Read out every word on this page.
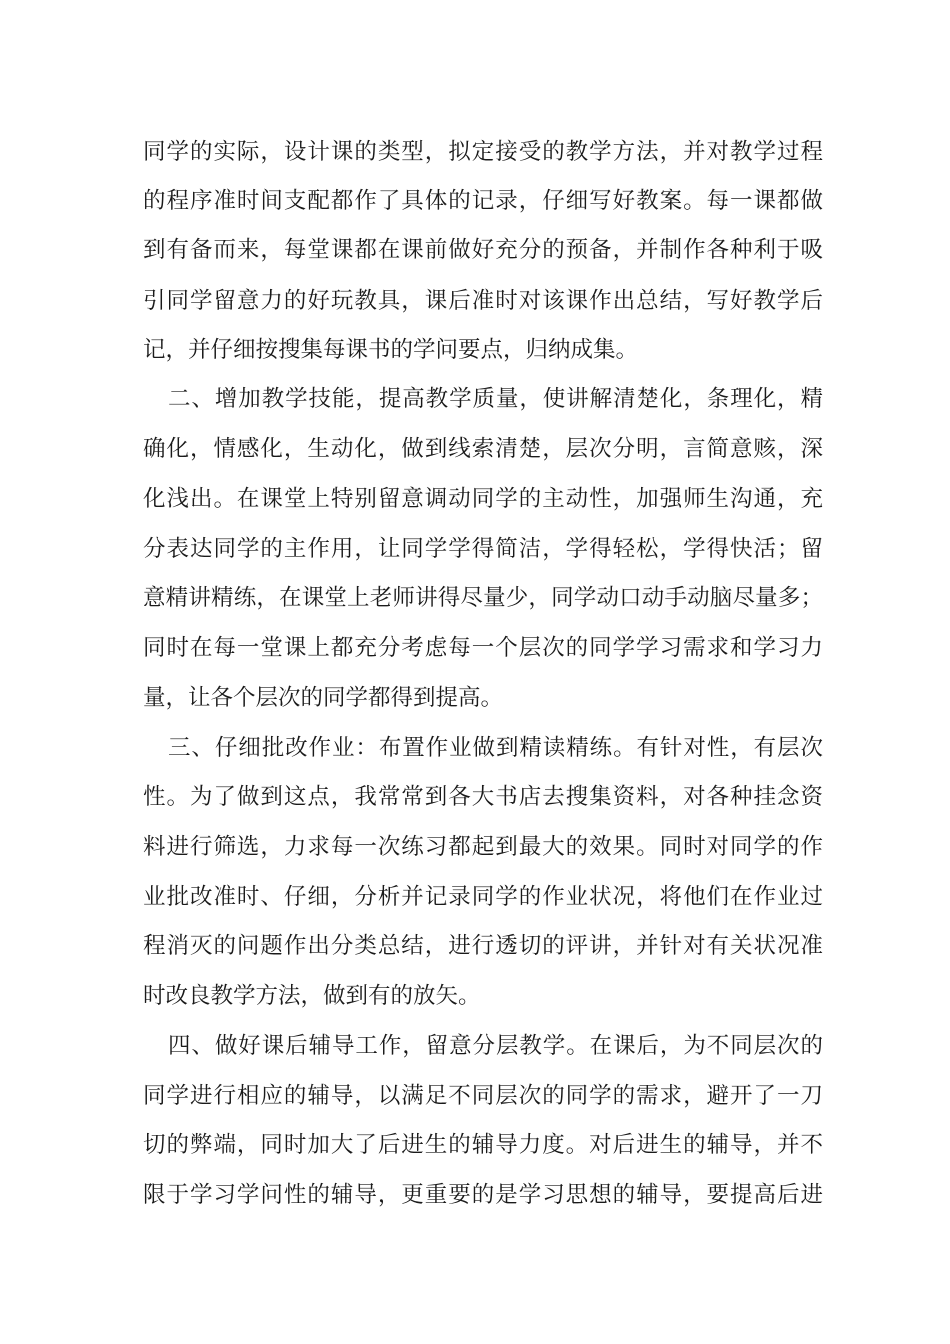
同学的实际，设计课的类型，拟定接受的教学方法，并对教学过程
的程序准时间支配都作了具体的记录，仔细写好教案。每一课都做
到有备而来，每堂课都在课前做好充分的预备，并制作各种利于吸
引同学留意力的好玩教具，课后准时对该课作出总结，写好教学后
记，并仔细按搜集每课书的学问要点，归纳成集。
二、增加教学技能，提高教学质量，使讲解清楚化，条理化，精
确化，情感化，生动化，做到线索清楚，层次分明，言简意赅，深
化浅出。在课堂上特别留意调动同学的主动性，加强师生沟通，充
分表达同学的主作用，让同学学得简洁，学得轻松，学得快活；留
意精讲精练，在课堂上老师讲得尽量少，同学动口动手动脑尽量多；
同时在每一堂课上都充分考虑每一个层次的同学学习需求和学习力
量，让各个层次的同学都得到提高。
三、仔细批改作业：布置作业做到精读精练。有针对性，有层次
性。为了做到这点，我常常到各大书店去搜集资料，对各种挂念资
料进行筛选，力求每一次练习都起到最大的效果。同时对同学的作
业批改准时、仔细，分析并记录同学的作业状况，将他们在作业过
程消灭的问题作出分类总结，进行透切的评讲，并针对有关状况准
时改良教学方法，做到有的放矢。
四、做好课后辅导工作，留意分层教学。在课后，为不同层次的
同学进行相应的辅导，以满足不同层次的同学的需求，避开了一刀
切的弊端，同时加大了后进生的辅导力度。对后进生的辅导，并不
限于学习学问性的辅导，更重要的是学习思想的辅导，要提高后进
